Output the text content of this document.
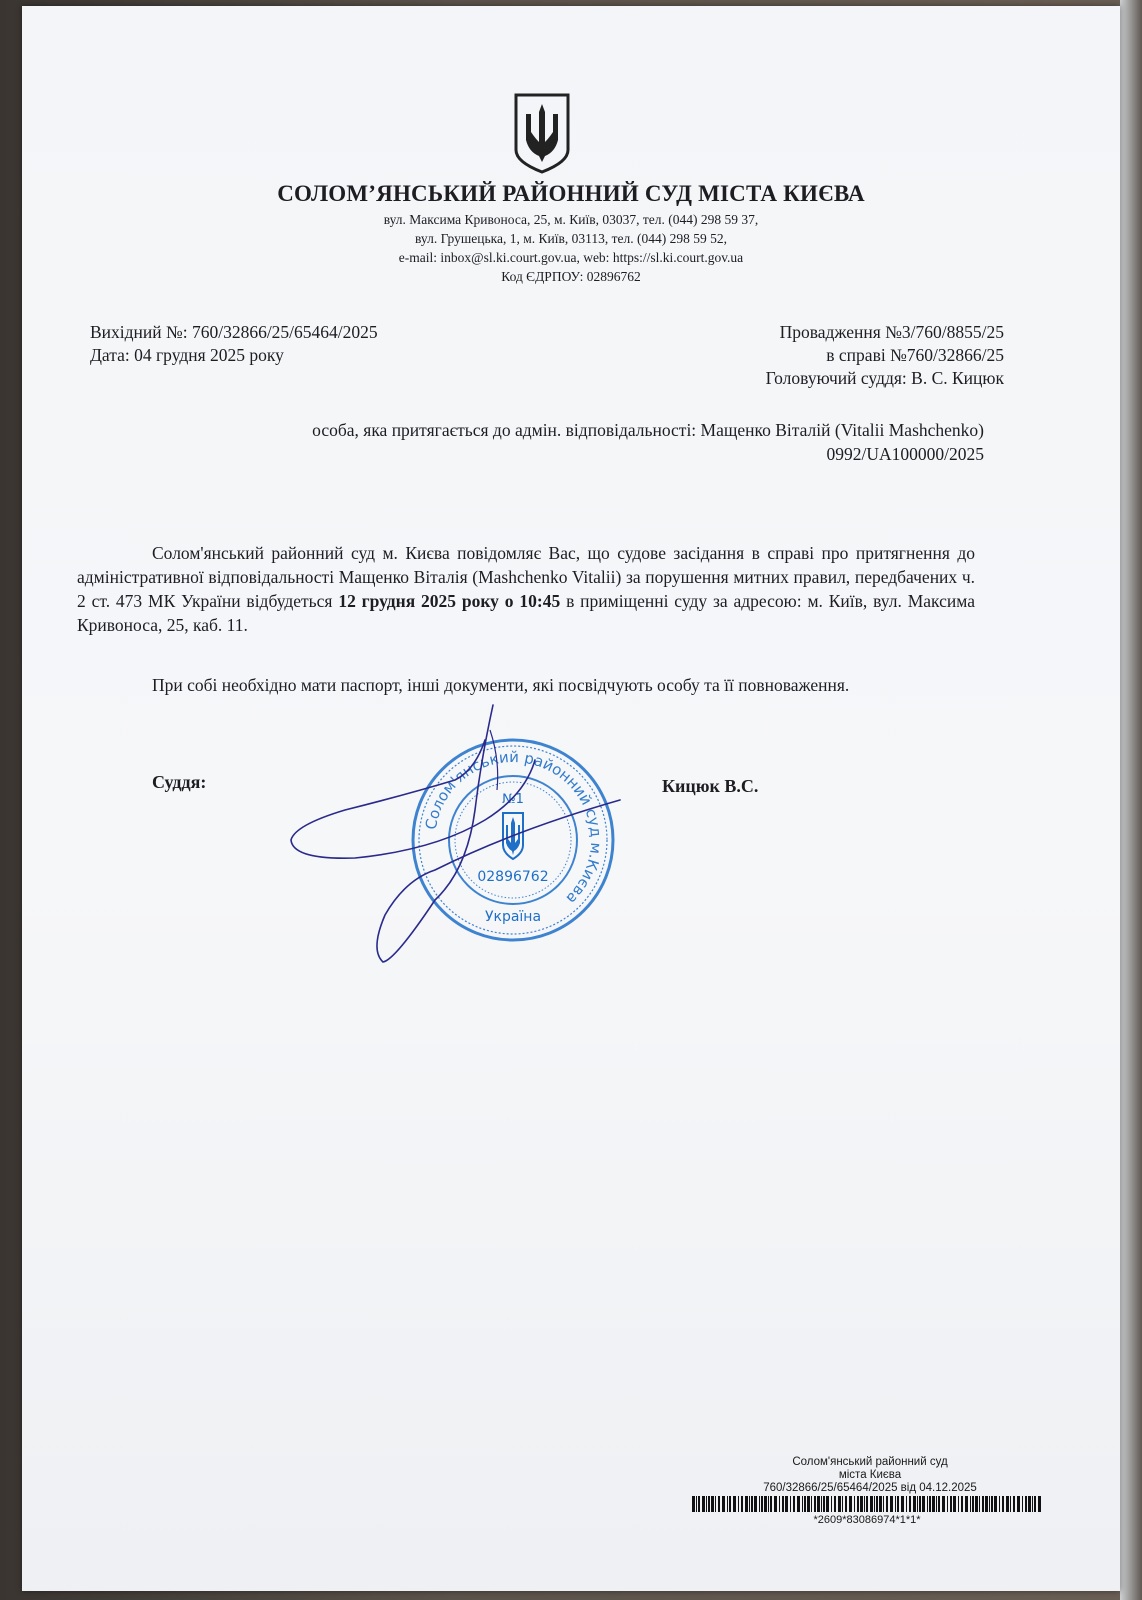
СОЛОМ’ЯНСЬКИЙ РАЙОННИЙ СУД МІСТА КИЄВА
вул. Максима Кривоноса, 25, м. Київ, 03037, тел. (044) 298 59 37,
вул. Грушецька, 1, м. Київ, 03113, тел. (044) 298 59 52,
e-mail: inbox@sl.ki.court.gov.ua, web: https://sl.ki.court.gov.ua
Код ЄДРПОУ: 02896762
Вихідний №: 760/32866/25/65464/2025
Дата: 04 грудня 2025 року
Провадження №3/760/8855/25
в справі №760/32866/25
Головуючий суддя: В. С. Кицюк
особа, яка притягається до адмін. відповідальності: Мащенко Віталій (Vitalii Mashchenko)
0992/UA100000/2025
Солом'янський районний суд м. Києва повідомляє Вас, що судове засідання в справі про притягнення до адміністративної відповідальності Мащенко Віталія (Mashchenko Vitalii) за порушення митних правил, передбачених ч. 2 ст. 473 МК України відбудеться 12 грудня 2025 року о 10:45 в приміщенні суду за адресою: м. Київ, вул. Максима Кривоноса, 25, каб. 11.
При собі необхідно мати паспорт, інші документи, які посвідчують особу та її повноваження.
Суддя:	Кицюк В.С.
Солом'янський районний суд м.Києва
№1
02896762
Україна
Солом'янський районний суд
міста Києва
760/32866/25/65464/2025 від 04.12.2025
*2609*83086974*1*1*
